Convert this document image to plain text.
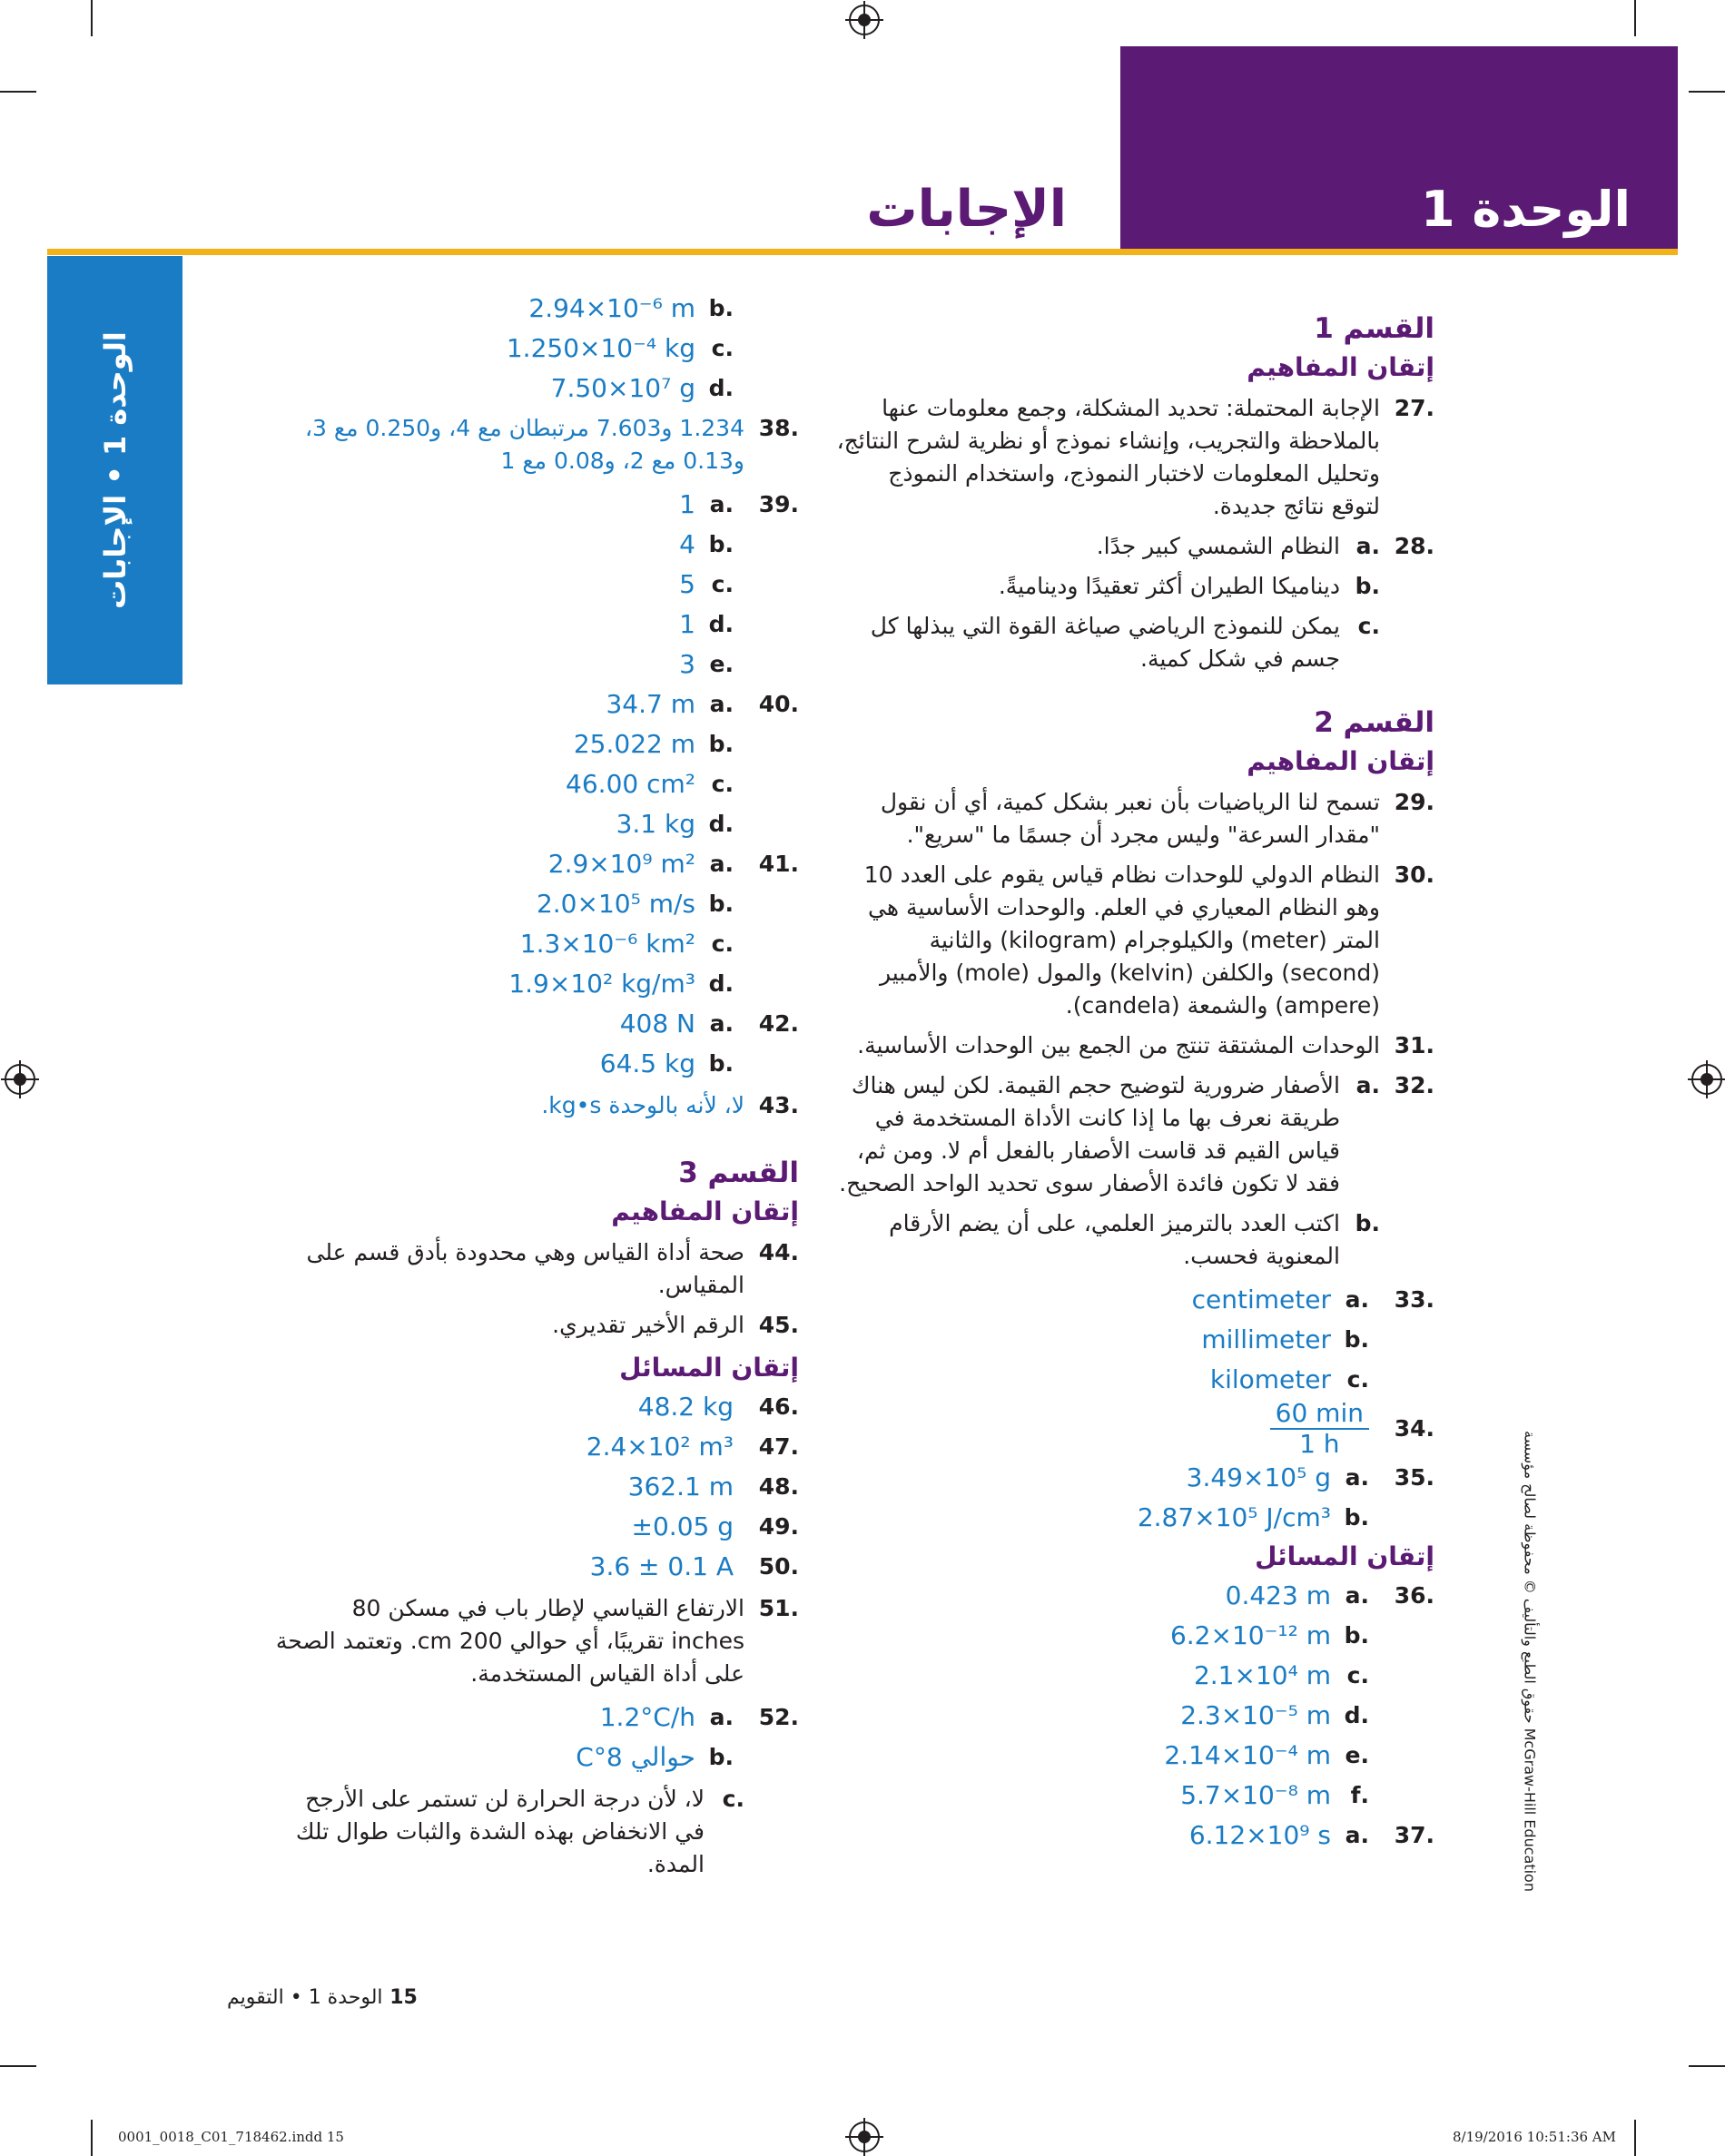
الوحدة 1
الإجابات
الوحدة 1 • الإجابات
حقوق الطبع والتأليف © محفوظة لصالح مؤسسة McGraw-Hill Education
القسم 1
إتقان المفاهيم
.27
الإجابة المحتملة: تحديد المشكلة، وجمع معلومات عنها بالملاحظة والتجريب، وإنشاء نموذج أو نظرية لشرح النتائج، وتحليل المعلومات لاختبار النموذج، واستخدام النموذج لتوقع نتائج جديدة.
.28
.a
النظام الشمسي كبير جدًا.
.b
ديناميكا الطيران أكثر تعقيدًا وديناميةً.
.c
يمكن للنموذج الرياضي صياغة القوة التي يبذلها كل جسم في شكل كمية.
القسم 2
إتقان المفاهيم
.29
تسمح لنا الرياضيات بأن نعبر بشكل كمية، أي أن نقول "مقدار السرعة" وليس مجرد أن جسمًا ما "سريع".
.30
النظام الدولي للوحدات نظام قياس يقوم على العدد 10 وهو النظام المعياري في العلم. والوحدات الأساسية هي المتر (meter) والكيلوجرام (kilogram) والثانية (second) والكلفن (kelvin) والمول (mole) والأمبير (ampere) والشمعة (candela).
.31
الوحدات المشتقة تنتج من الجمع بين الوحدات الأساسية.
.32
.a
الأصفار ضرورية لتوضيح حجم القيمة. لكن ليس هناك طريقة نعرف بها ما إذا كانت الأداة المستخدمة في قياس القيم قد قاست الأصفار بالفعل أم لا. ومن ثم، فقد لا تكون فائدة الأصفار سوى تحديد الواحد الصحيح.
.b
اكتب العدد بالترميز العلمي، على أن يضم الأرقام المعنوية فحسب.
.33
.a
centimeter
.b
millimeter
.c
kilometer
.34
$\frac{60 \min}{1 h}$
.35
.a
3.49×10⁵ g
.b
2.87×10⁵ J/cm³
إتقان المسائل
.36
.a
0.423 m
.b
6.2×10⁻¹² m
.c
2.1×10⁴ m
.d
2.3×10⁻⁵ m
.e
2.14×10⁻⁴ m
.f
5.7×10⁻⁸ m
.37
.a
6.12×10⁹ s
.b
2.94×10⁻⁶ m
.c
1.250×10⁻⁴ kg
.d
7.50×10⁷ g
.38
1.234 و7.603 مرتبطان مع 4، و0.250 مع 3، و0.13 مع 2، و0.08 مع 1
.39
.a
1
.b
4
.c
5
.d
1
.e
3
.40
.a
34.7 m
.b
25.022 m
.c
46.00 cm²
.d
3.1 kg
.41
.a
2.9×10⁹ m²
.b
2.0×10⁵ m/s
.c
1.3×10⁻⁶ km²
.d
1.9×10² kg/m³
.42
.a
408 N
.b
64.5 kg
.43
لا، لأنه بالوحدة kg•s.
القسم 3
إتقان المفاهيم
.44
صحة أداة القياس وهي محدودة بأدق قسم على المقياس.
.45
الرقم الأخير تقديري.
إتقان المسائل
.46
48.2 kg
.47
2.4×10² m³
.48
362.1 m
.49
±0.05 g
.50
3.6 ± 0.1 A
.51
الارتفاع القياسي لإطار باب في مسكن 80 inches تقريبًا، أي حوالي 200 cm. وتعتمد الصحة على أداة القياس المستخدمة.
.52
.a
1.2°C/h
.b
حوالي 8°C
.c
لا، لأن درجة الحرارة لن تستمر على الأرجح في الانخفاض بهذه الشدة والثبات طوال تلك المدة.
15 الوحدة 1 • التقويم
0001_0018_C01_718462.indd 15	8/19/2016 10:51:36 AM
